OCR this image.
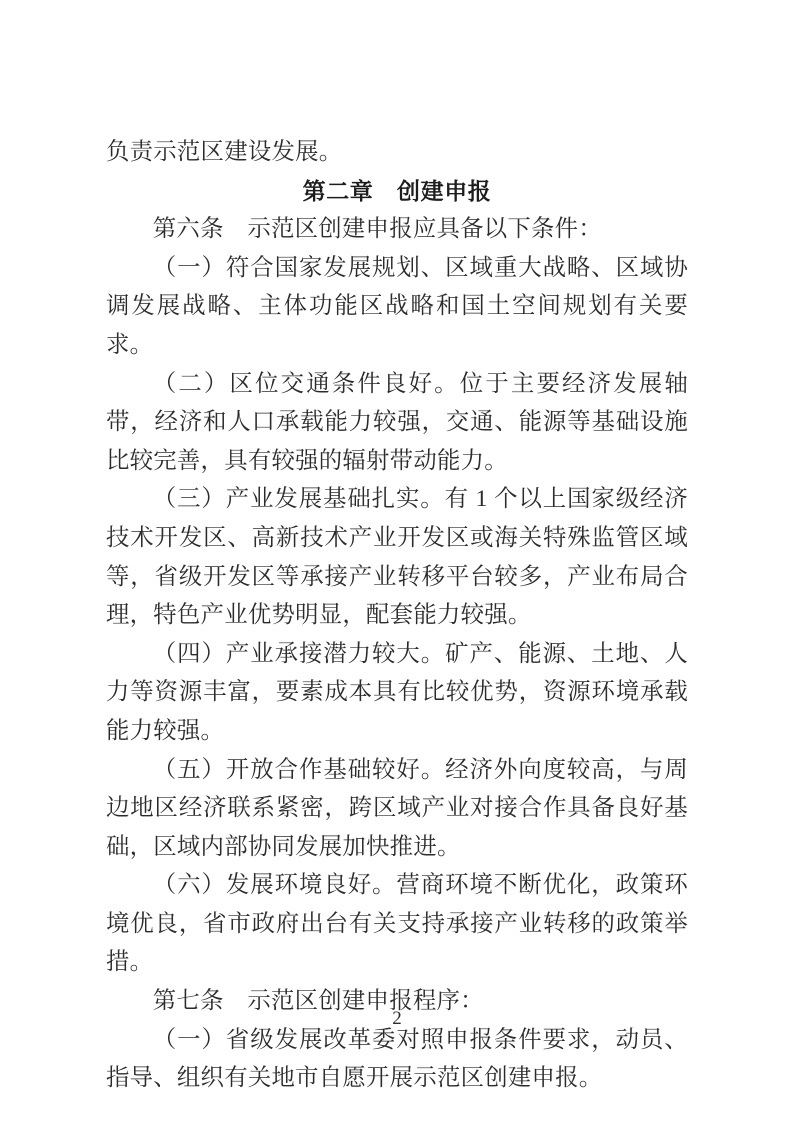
负责示范区建设发展。

第二章　创建申报

第六条　 示范区创建申报应具备以下条件：

（一）符合国家发展规划、区域重大战略、区域协调发展战略、主体功能区战略和国土空间规划有关要求。

（二）区位交通条件良好。位于主要经济发展轴带，经济和人口承载能力较强，交通、能源等基础设施比较完善，具有较强的辐射带动能力。

（三）产业发展基础扎实。有 1 个以上国家级经济技术开发区、高新技术产业开发区或海关特殊监管区域等，省级开发区等承接产业转移平台较多，产业布局合理，特色产业优势明显，配套能力较强。

（四）产业承接潜力较大。矿产、能源、土地、人力等资源丰富，要素成本具有比较优势，资源环境承载能力较强。

（五）开放合作基础较好。经济外向度较高，与周边地区经济联系紧密，跨区域产业对接合作具备良好基础，区域内部协同发展加快推进。

（六）发展环境良好。营商环境不断优化，政策环境优良，省市政府出台有关支持承接产业转移的政策举措。

第七条　 示范区创建申报程序：

（一）省级发展改革委对照申报条件要求，动员、指导、组织有关地市自愿开展示范区创建申报。

2
